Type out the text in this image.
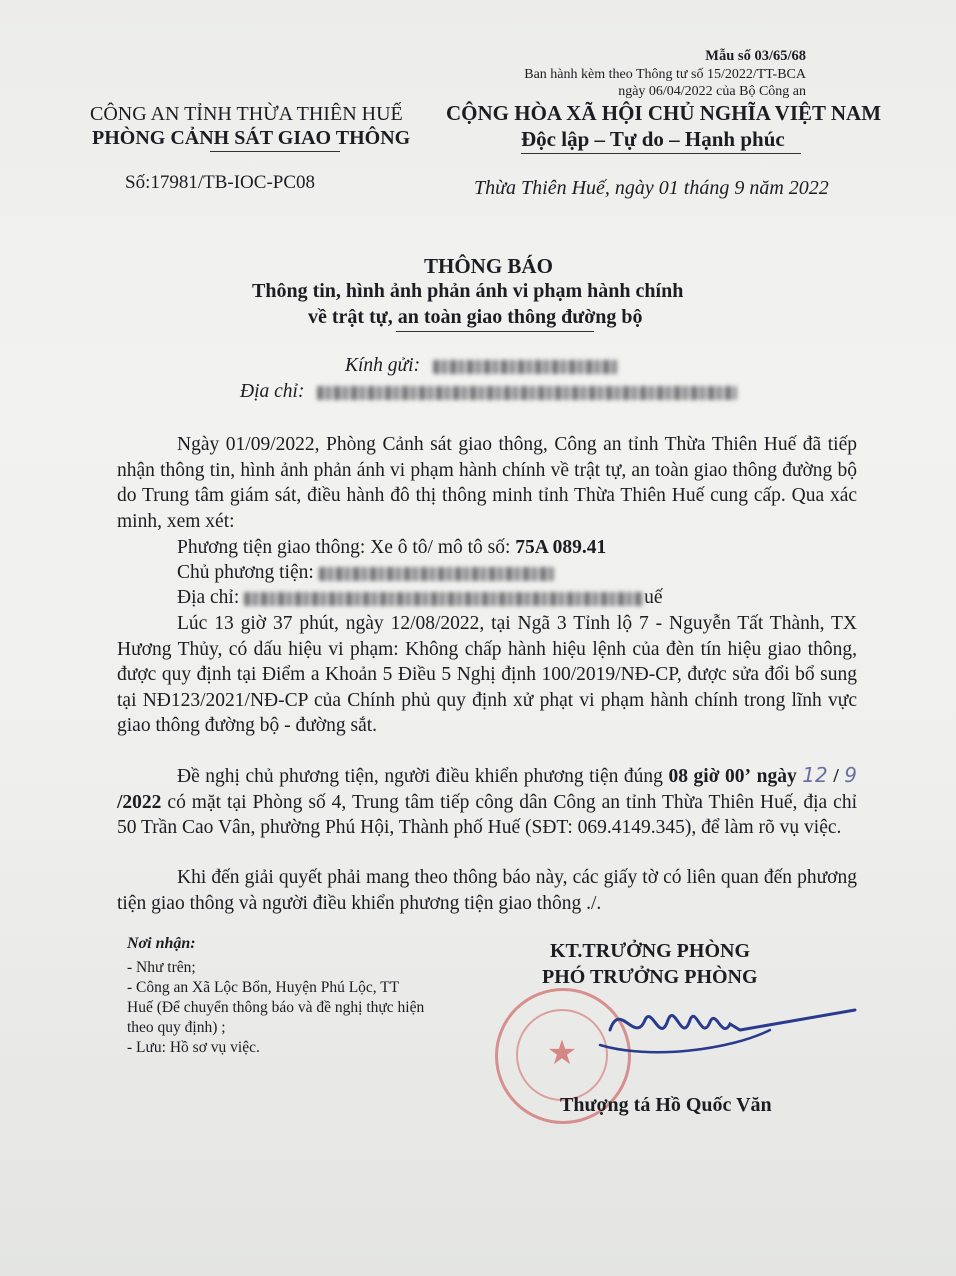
Mẫu số 03/65/68
Ban hành kèm theo Thông tư số 15/2022/TT-BCA
ngày 06/04/2022 của Bộ Công an
CÔNG AN TỈNH THỪA THIÊN HUẾ
PHÒNG CẢNH SÁT GIAO THÔNG
Số:17981/TB-IOC-PC08
CỘNG HÒA XÃ HỘI CHỦ NGHĨA VIỆT NAM
Độc lập – Tự do – Hạnh phúc
Thừa Thiên Huế, ngày 01 tháng 9 năm 2022
THÔNG BÁO
Thông tin, hình ảnh phản ánh vi phạm hành chính
về trật tự, an toàn giao thông đường bộ
Kính gửi:
Địa chỉ:
Ngày 01/09/2022, Phòng Cảnh sát giao thông, Công an tỉnh Thừa Thiên Huế đã tiếp nhận thông tin, hình ảnh phản ánh vi phạm hành chính về trật tự, an toàn giao thông đường bộ do Trung tâm giám sát, điều hành đô thị thông minh tỉnh Thừa Thiên Huế cung cấp. Qua xác minh, xem xét:
Phương tiện giao thông: Xe ô tô/ mô tô số: 75A 089.41
Chủ phương tiện:
Địa chỉ:	uế
Lúc 13 giờ 37 phút, ngày 12/08/2022, tại Ngã 3 Tỉnh lộ 7 - Nguyễn Tất Thành, TX Hương Thủy, có dấu hiệu vi phạm: Không chấp hành hiệu lệnh của đèn tín hiệu giao thông, được quy định tại Điểm a Khoản 5 Điều 5 Nghị định 100/2019/NĐ-CP, được sửa đổi bổ sung tại NĐ123/2021/NĐ-CP của Chính phủ quy định xử phạt vi phạm hành chính trong lĩnh vực giao thông đường bộ - đường sắt.
Đề nghị chủ phương tiện, người điều khiển phương tiện đúng 08 giờ 00’ ngày 12 / 9 /2022 có mặt tại Phòng số 4, Trung tâm tiếp công dân Công an tỉnh Thừa Thiên Huế, địa chỉ 50 Trần Cao Vân, phường Phú Hội, Thành phố Huế (SĐT: 069.4149.345), để làm rõ vụ việc.
Khi đến giải quyết phải mang theo thông báo này, các giấy tờ có liên quan đến phương tiện giao thông và người điều khiển phương tiện giao thông ./.
Nơi nhận:
- Như trên;
- Công an Xã Lộc Bổn, Huyện Phú Lộc, TT
Huế (Để chuyển thông báo và đề nghị thực hiện
theo quy định) ;
- Lưu: Hồ sơ vụ việc.
KT.TRƯỞNG PHÒNG
PHÓ TRƯỞNG PHÒNG
★
Thượng tá Hồ Quốc Văn
